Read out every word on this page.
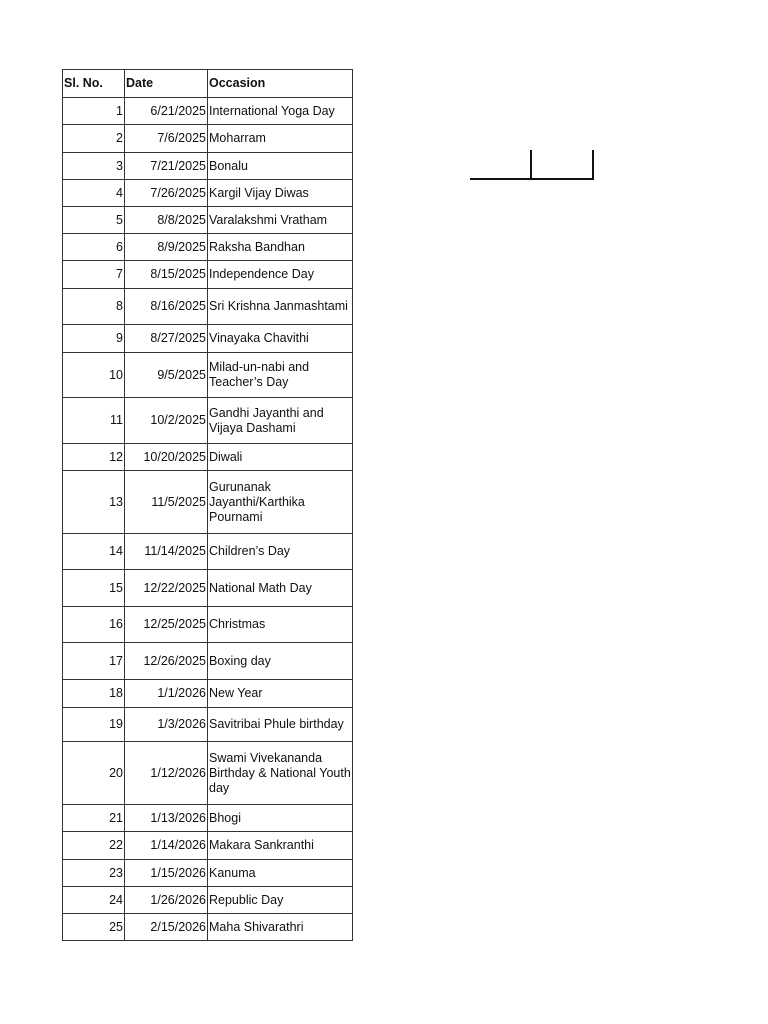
Sl. No.	Date	Occasion
1	6/21/2025	International Yoga Day
2	7/6/2025	Moharram
3	7/21/2025	Bonalu
4	7/26/2025	Kargil Vijay Diwas
5	8/8/2025	Varalakshmi Vratham
6	8/9/2025	Raksha Bandhan
7	8/15/2025	Independence Day
8	8/16/2025	Sri Krishna Janmashtami
9	8/27/2025	Vinayaka Chavithi
10	9/5/2025	Milad-un-nabi and Teacher’s Day
11	10/2/2025	Gandhi Jayanthi and Vijaya Dashami
12	10/20/2025	Diwali
13	11/5/2025	Gurunanak Jayanthi/Karthika Pournami
14	11/14/2025	Children’s Day
15	12/22/2025	National Math Day
16	12/25/2025	Christmas
17	12/26/2025	Boxing day
18	1/1/2026	New Year
19	1/3/2026	Savitribai Phule birthday
20	1/12/2026	Swami Vivekananda Birthday & National Youth day
21	1/13/2026	Bhogi
22	1/14/2026	Makara Sankranthi
23	1/15/2026	Kanuma
24	1/26/2026	Republic Day
25	2/15/2026	Maha Shivarathri
